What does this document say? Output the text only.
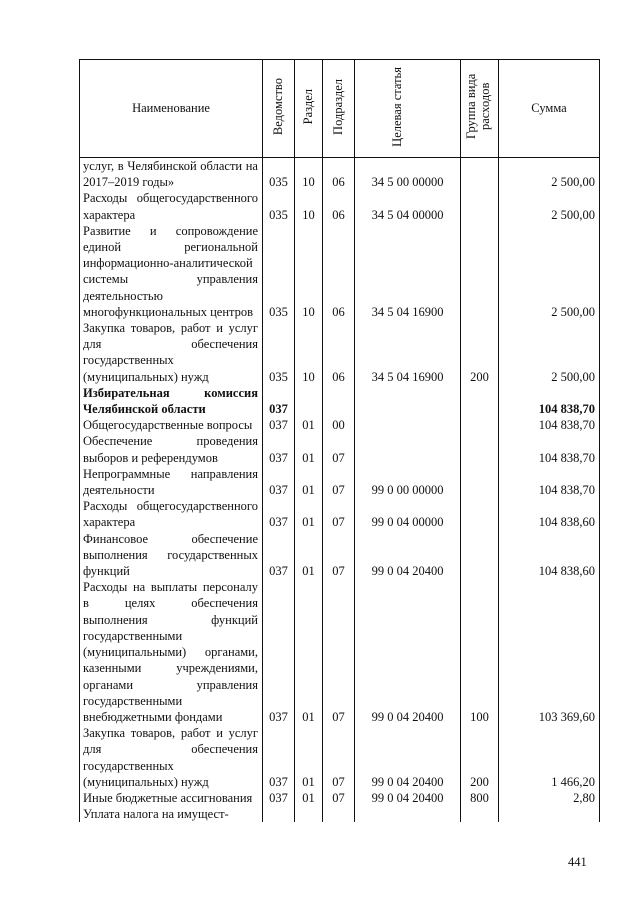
Наименование	Ведомство	Раздел	Подраздел	Целевая статья	Группа вида расходов	Сумма
услуг, в Челябинской области на 2017–2019 годы»	035	10	06	34 5 00 00000		2 500,00
Расходы общегосударственного характера	035	10	06	34 5 04 00000		2 500,00
Развитие и сопровождение единой региональной информационно-аналитической системы управления деятельностью многофункциональных центров	035	10	06	34 5 04 16900		2 500,00
Закупка товаров, работ и услуг для обеспечения государственных (муниципальных) нужд	035	10	06	34 5 04 16900	200	2 500,00
Избирательная комиссия Челябинской области	037					104 838,70
Общегосударственные вопросы	037	01	00			104 838,70
Обеспечение проведения выборов и референдумов	037	01	07			104 838,70
Непрограммные направления деятельности	037	01	07	99 0 00 00000		104 838,70
Расходы общегосударственного характера	037	01	07	99 0 04 00000		104 838,60
Финансовое обеспечение выполнения государственных функций	037	01	07	99 0 04 20400		104 838,60
Расходы на выплаты персоналу в целях обеспечения выполнения функций государственными (муниципальными) органами, казенными учреждениями, органами управления государственными внебюджетными фондами	037	01	07	99 0 04 20400	100	103 369,60
Закупка товаров, работ и услуг для обеспечения государственных (муниципальных) нужд	037	01	07	99 0 04 20400	200	1 466,20
Иные бюджетные ассигнования	037	01	07	99 0 04 20400	800	2,80
Уплата налога на имущест-						
441
